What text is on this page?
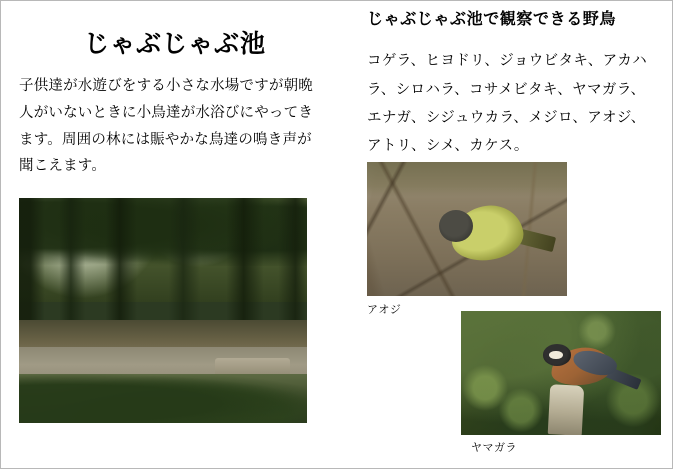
じゃぶじゃぶ池

子供達が水遊びをする小さな水場ですが朝晩人がいないときに小鳥達が水浴びにやってきます。周囲の林には賑やかな鳥達の鳴き声が聞こえます。

じゃぶじゃぶ池で観察できる野鳥

コゲラ、ヒヨドリ、ジョウビタキ、アカハラ、シロハラ、コサメビタキ、ヤマガラ、エナガ、シジュウカラ、メジロ、アオジ、アトリ、シメ、カケス。

アオジ
ヤマガラ
